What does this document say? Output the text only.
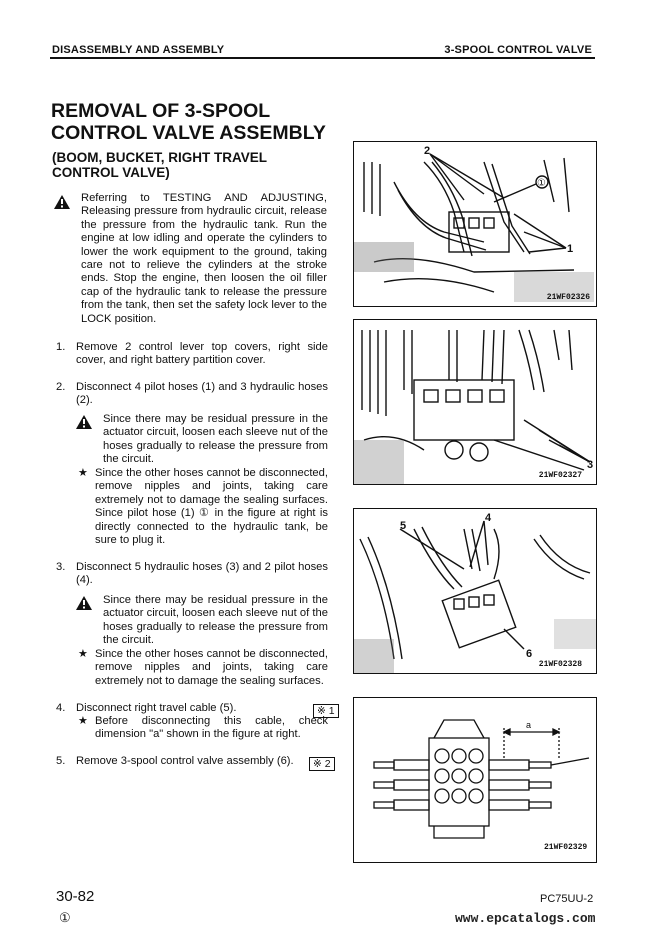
DISASSEMBLY AND ASSEMBLY	3-SPOOL CONTROL VALVE
REMOVAL OF 3-SPOOL CONTROL VALVE ASSEMBLY
(BOOM, BUCKET, RIGHT TRAVEL CONTROL VALVE)
Referring to TESTING AND ADJUSTING, Releasing pressure from hydraulic circuit, release the pressure from the hydraulic tank. Run the engine at low idling and operate the cylinders to lower the work equipment to the ground, taking care not to relieve the cylinders at the stroke ends. Stop the engine, then loosen the oil filler cap of the hydraulic tank to release the pressure from the tank, then set the safety lock lever to the LOCK position.
1. Remove 2 control lever top covers, right side cover, and right battery partition cover.
2. Disconnect 4 pilot hoses (1) and 3 hydraulic hoses (2).
Since there may be residual pressure in the actuator circuit, loosen each sleeve nut of the hoses gradually to release the pressure from the circuit.
★ Since the other hoses cannot be disconnected, remove nipples and joints, taking care extremely not to damage the sealing surfaces. Since pilot hose (1) ① in the figure at right is directly connected to the hydraulic tank, be sure to plug it.
3. Disconnect 5 hydraulic hoses (3) and 2 pilot hoses (4).
Since there may be residual pressure in the actuator circuit, loosen each sleeve nut of the hoses gradually to release the pressure from the circuit.
★ Since the other hoses cannot be disconnected, remove nipples and joints, taking care extremely not to damage the sealing surfaces.
4. Disconnect right travel cable (5).	※ 1
★ Before disconnecting this cable, check dimension "a" shown in the figure at right.
5. Remove 3-spool control valve assembly (6).	※ 2
2
①
1
21WF02326
3
21WF02327
5
4
6
21WF02328
a
21WF02329
30-82
①
PC75UU-2
www.epcatalogs.com
